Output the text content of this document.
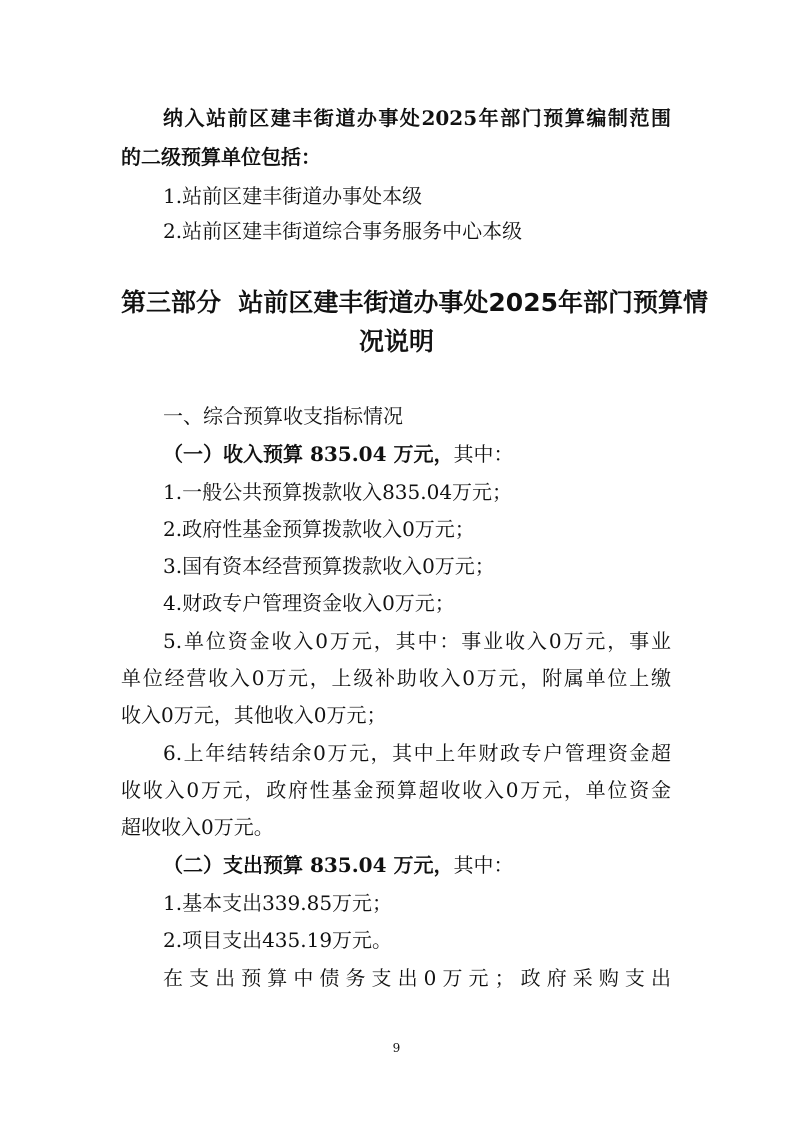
纳入站前区建丰街道办事处2025年部门预算编制范围
的二级预算单位包括：
1.站前区建丰街道办事处本级
2.站前区建丰街道综合事务服务中心本级
第三部分  站前区建丰街道办事处2025年部门预算情
况说明
一、综合预算收支指标情况
（一）收入预算 835.04 万元，其中：
1.一般公共预算拨款收入835.04万元；
2.政府性基金预算拨款收入0万元；
3.国有资本经营预算拨款收入0万元；
4.财政专户管理资金收入0万元；
5.单位资金收入0万元，其中：事业收入0万元，事业
单位经营收入0万元，上级补助收入0万元，附属单位上缴
收入0万元，其他收入0万元；
6.上年结转结余0万元，其中上年财政专户管理资金超
收收入0万元，政府性基金预算超收收入0万元，单位资金
超收收入0万元。
（二）支出预算 835.04 万元，其中：
1.基本支出339.85万元；
2.项目支出435.19万元。
在支出预算中债务支出0万元；政府采购支出
9
